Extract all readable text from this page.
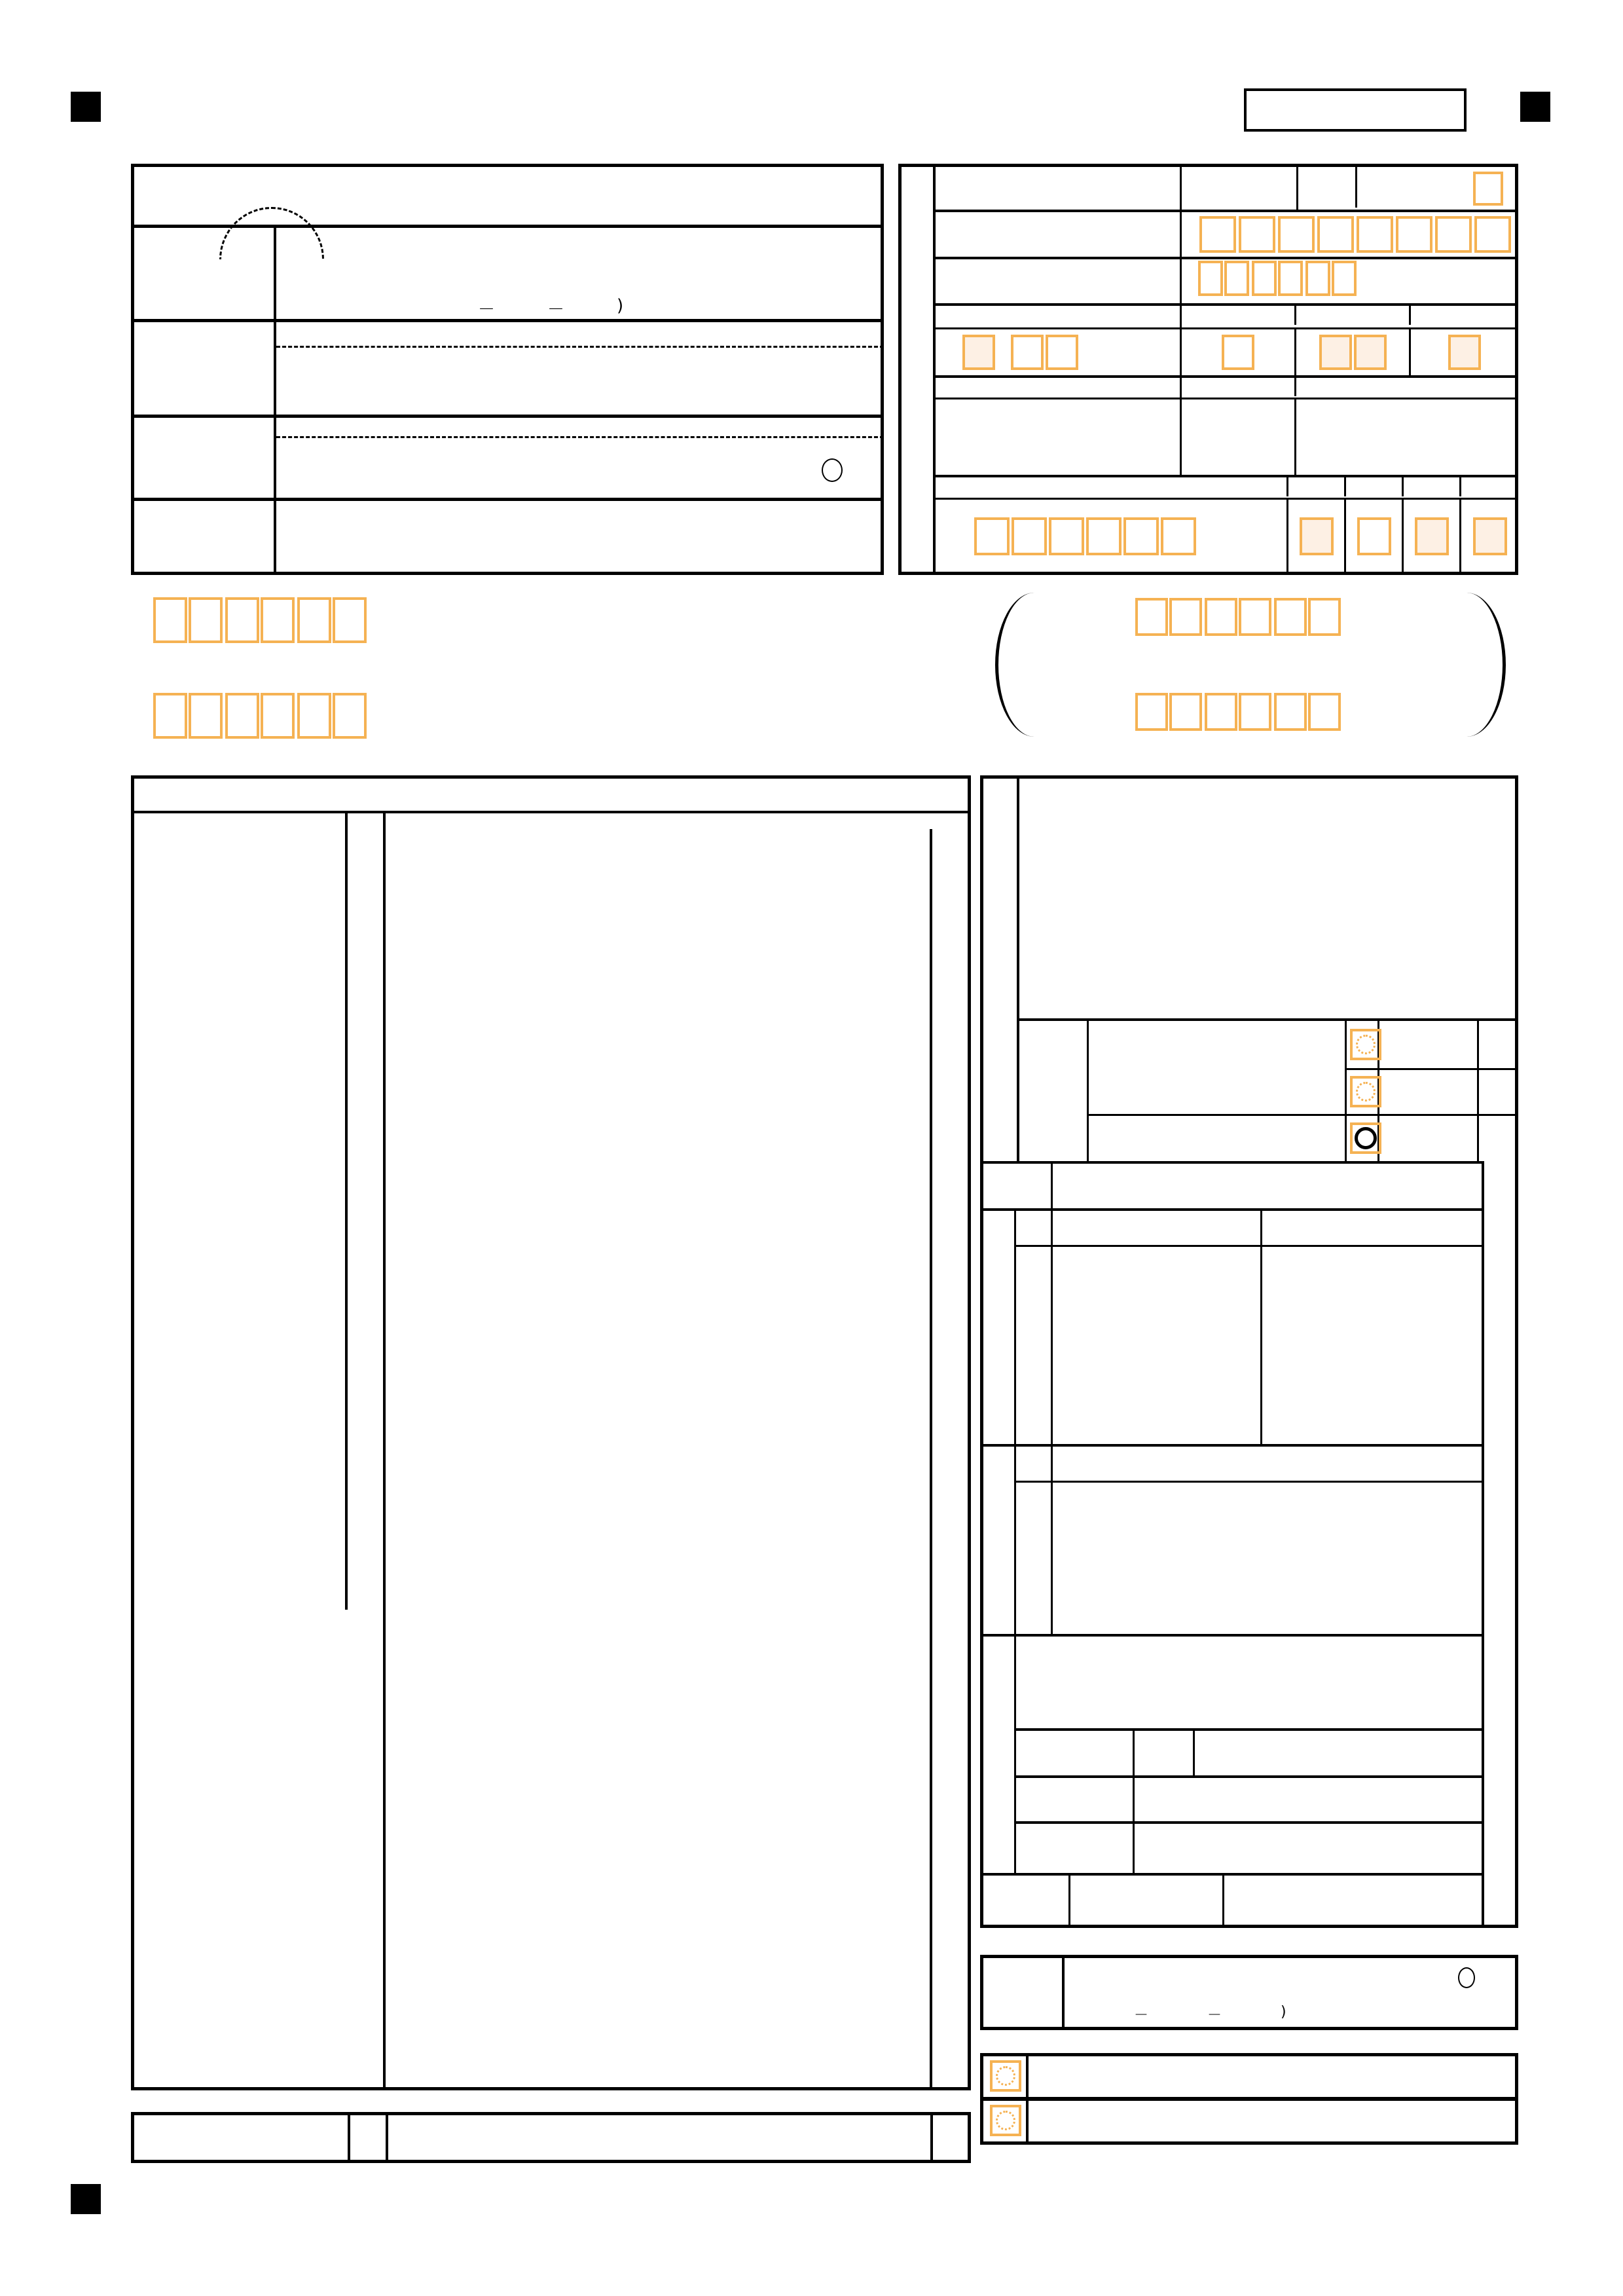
－	－	)
－	－	)
